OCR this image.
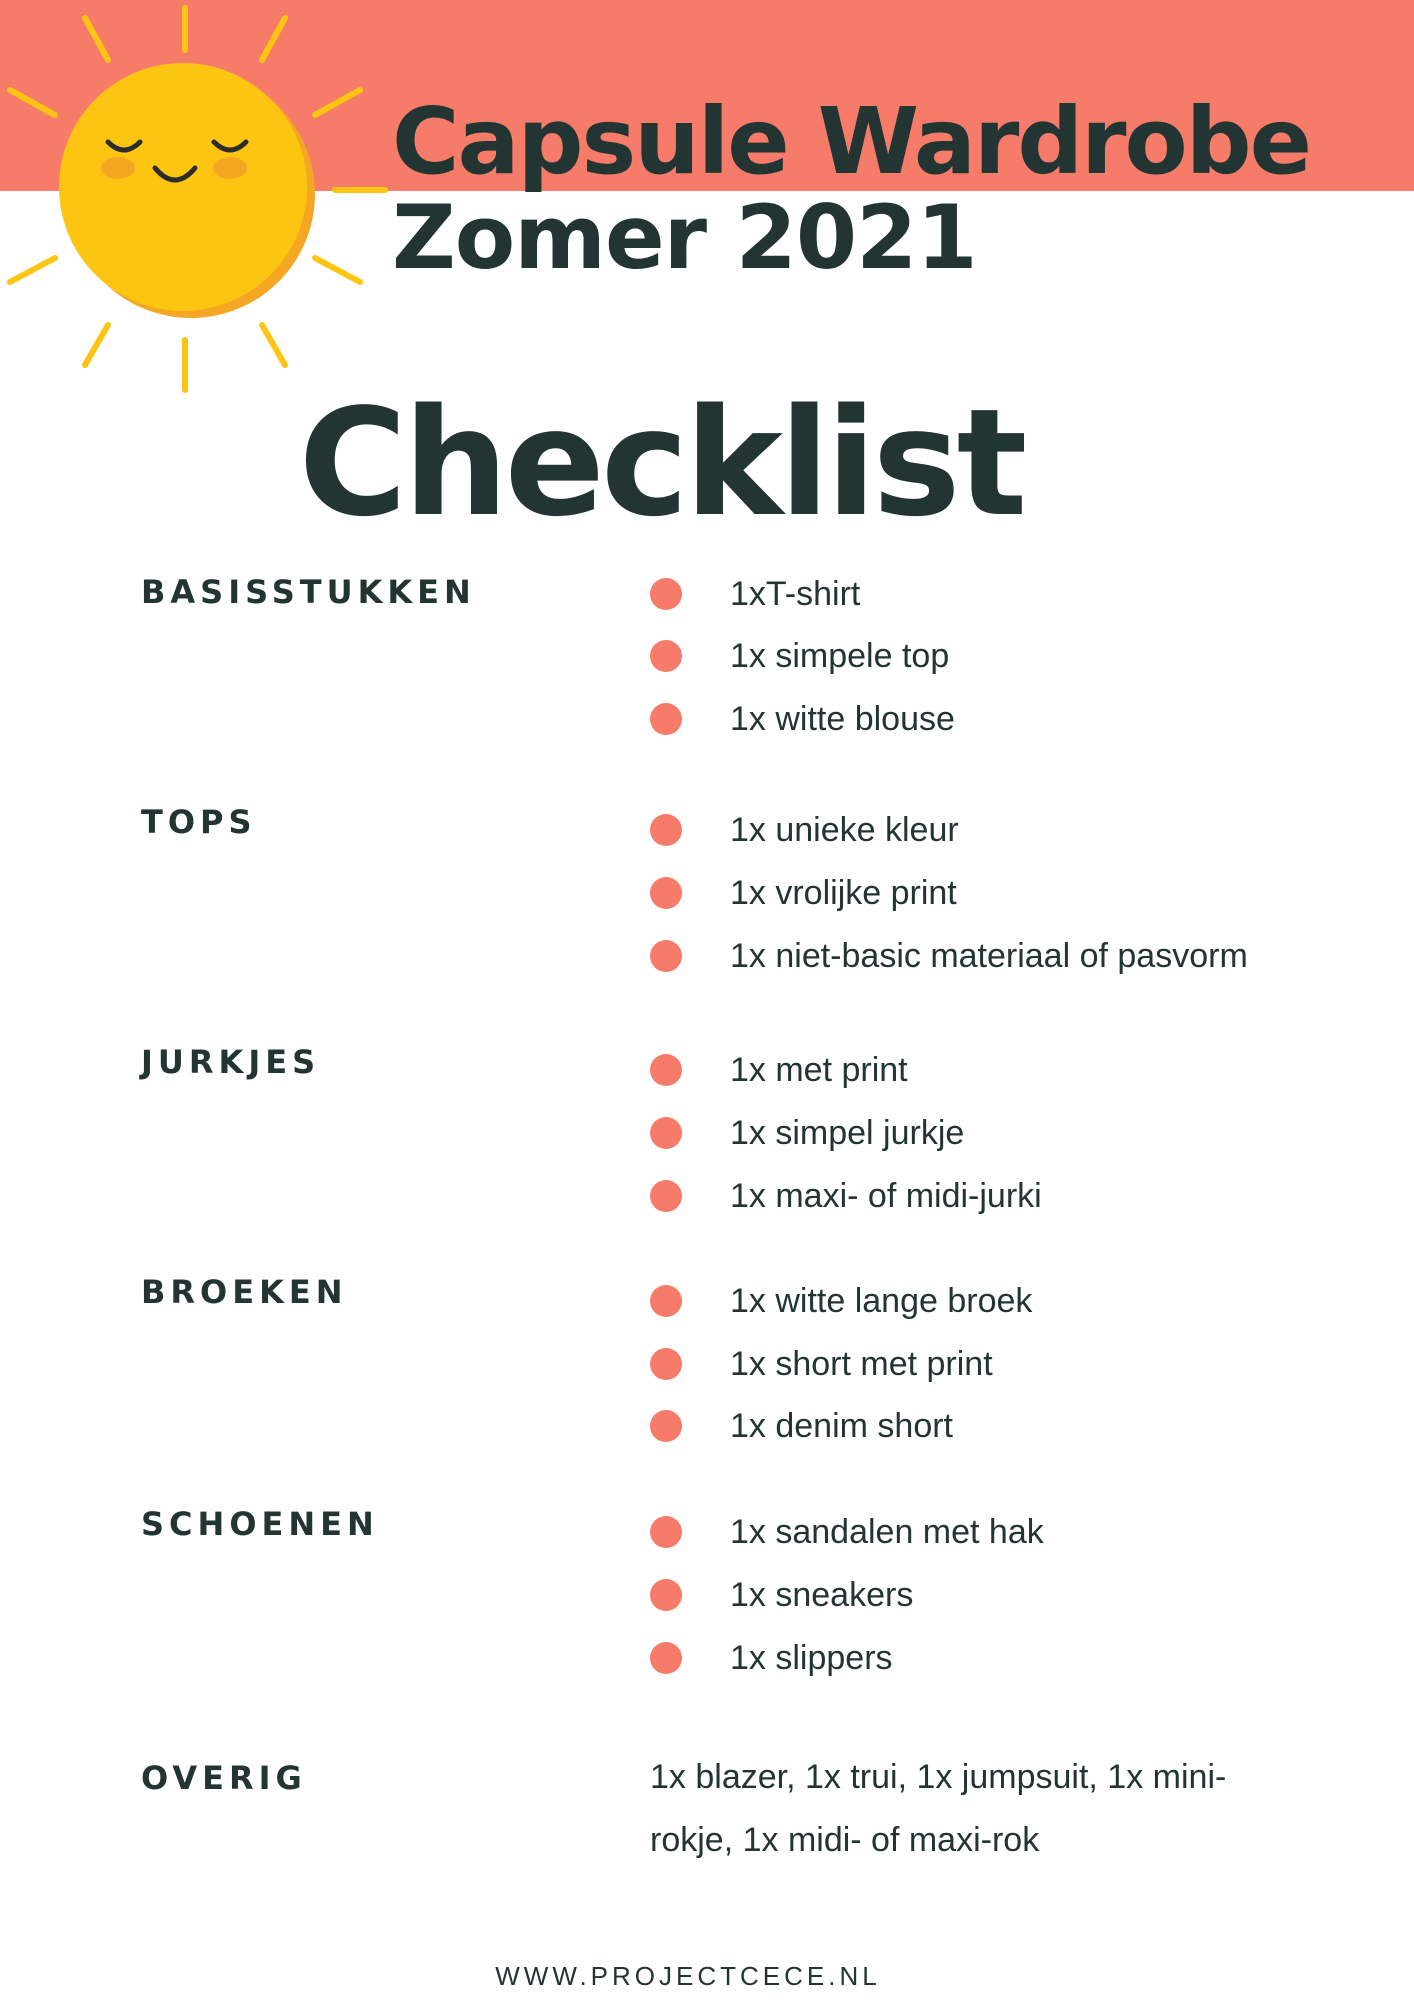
Capsule Wardrobe
Zomer 2021
Checklist
BASISSTUKKEN	1xT-shirt
1x simpele top
1x witte blouse
TOPS	1x unieke kleur
1x vrolijke print
1x niet-basic materiaal of pasvorm
JURKJES	1x met print
1x simpel jurkje
1x maxi- of midi-jurki
BROEKEN	1x witte lange broek
1x short met print
1x denim short
SCHOENEN	1x sandalen met hak
1x sneakers
1x slippers
OVERIG	1x blazer, 1x trui, 1x jumpsuit, 1x mini-rokje, 1x midi- of maxi-rok
WWW.PROJECTCECE.NL
